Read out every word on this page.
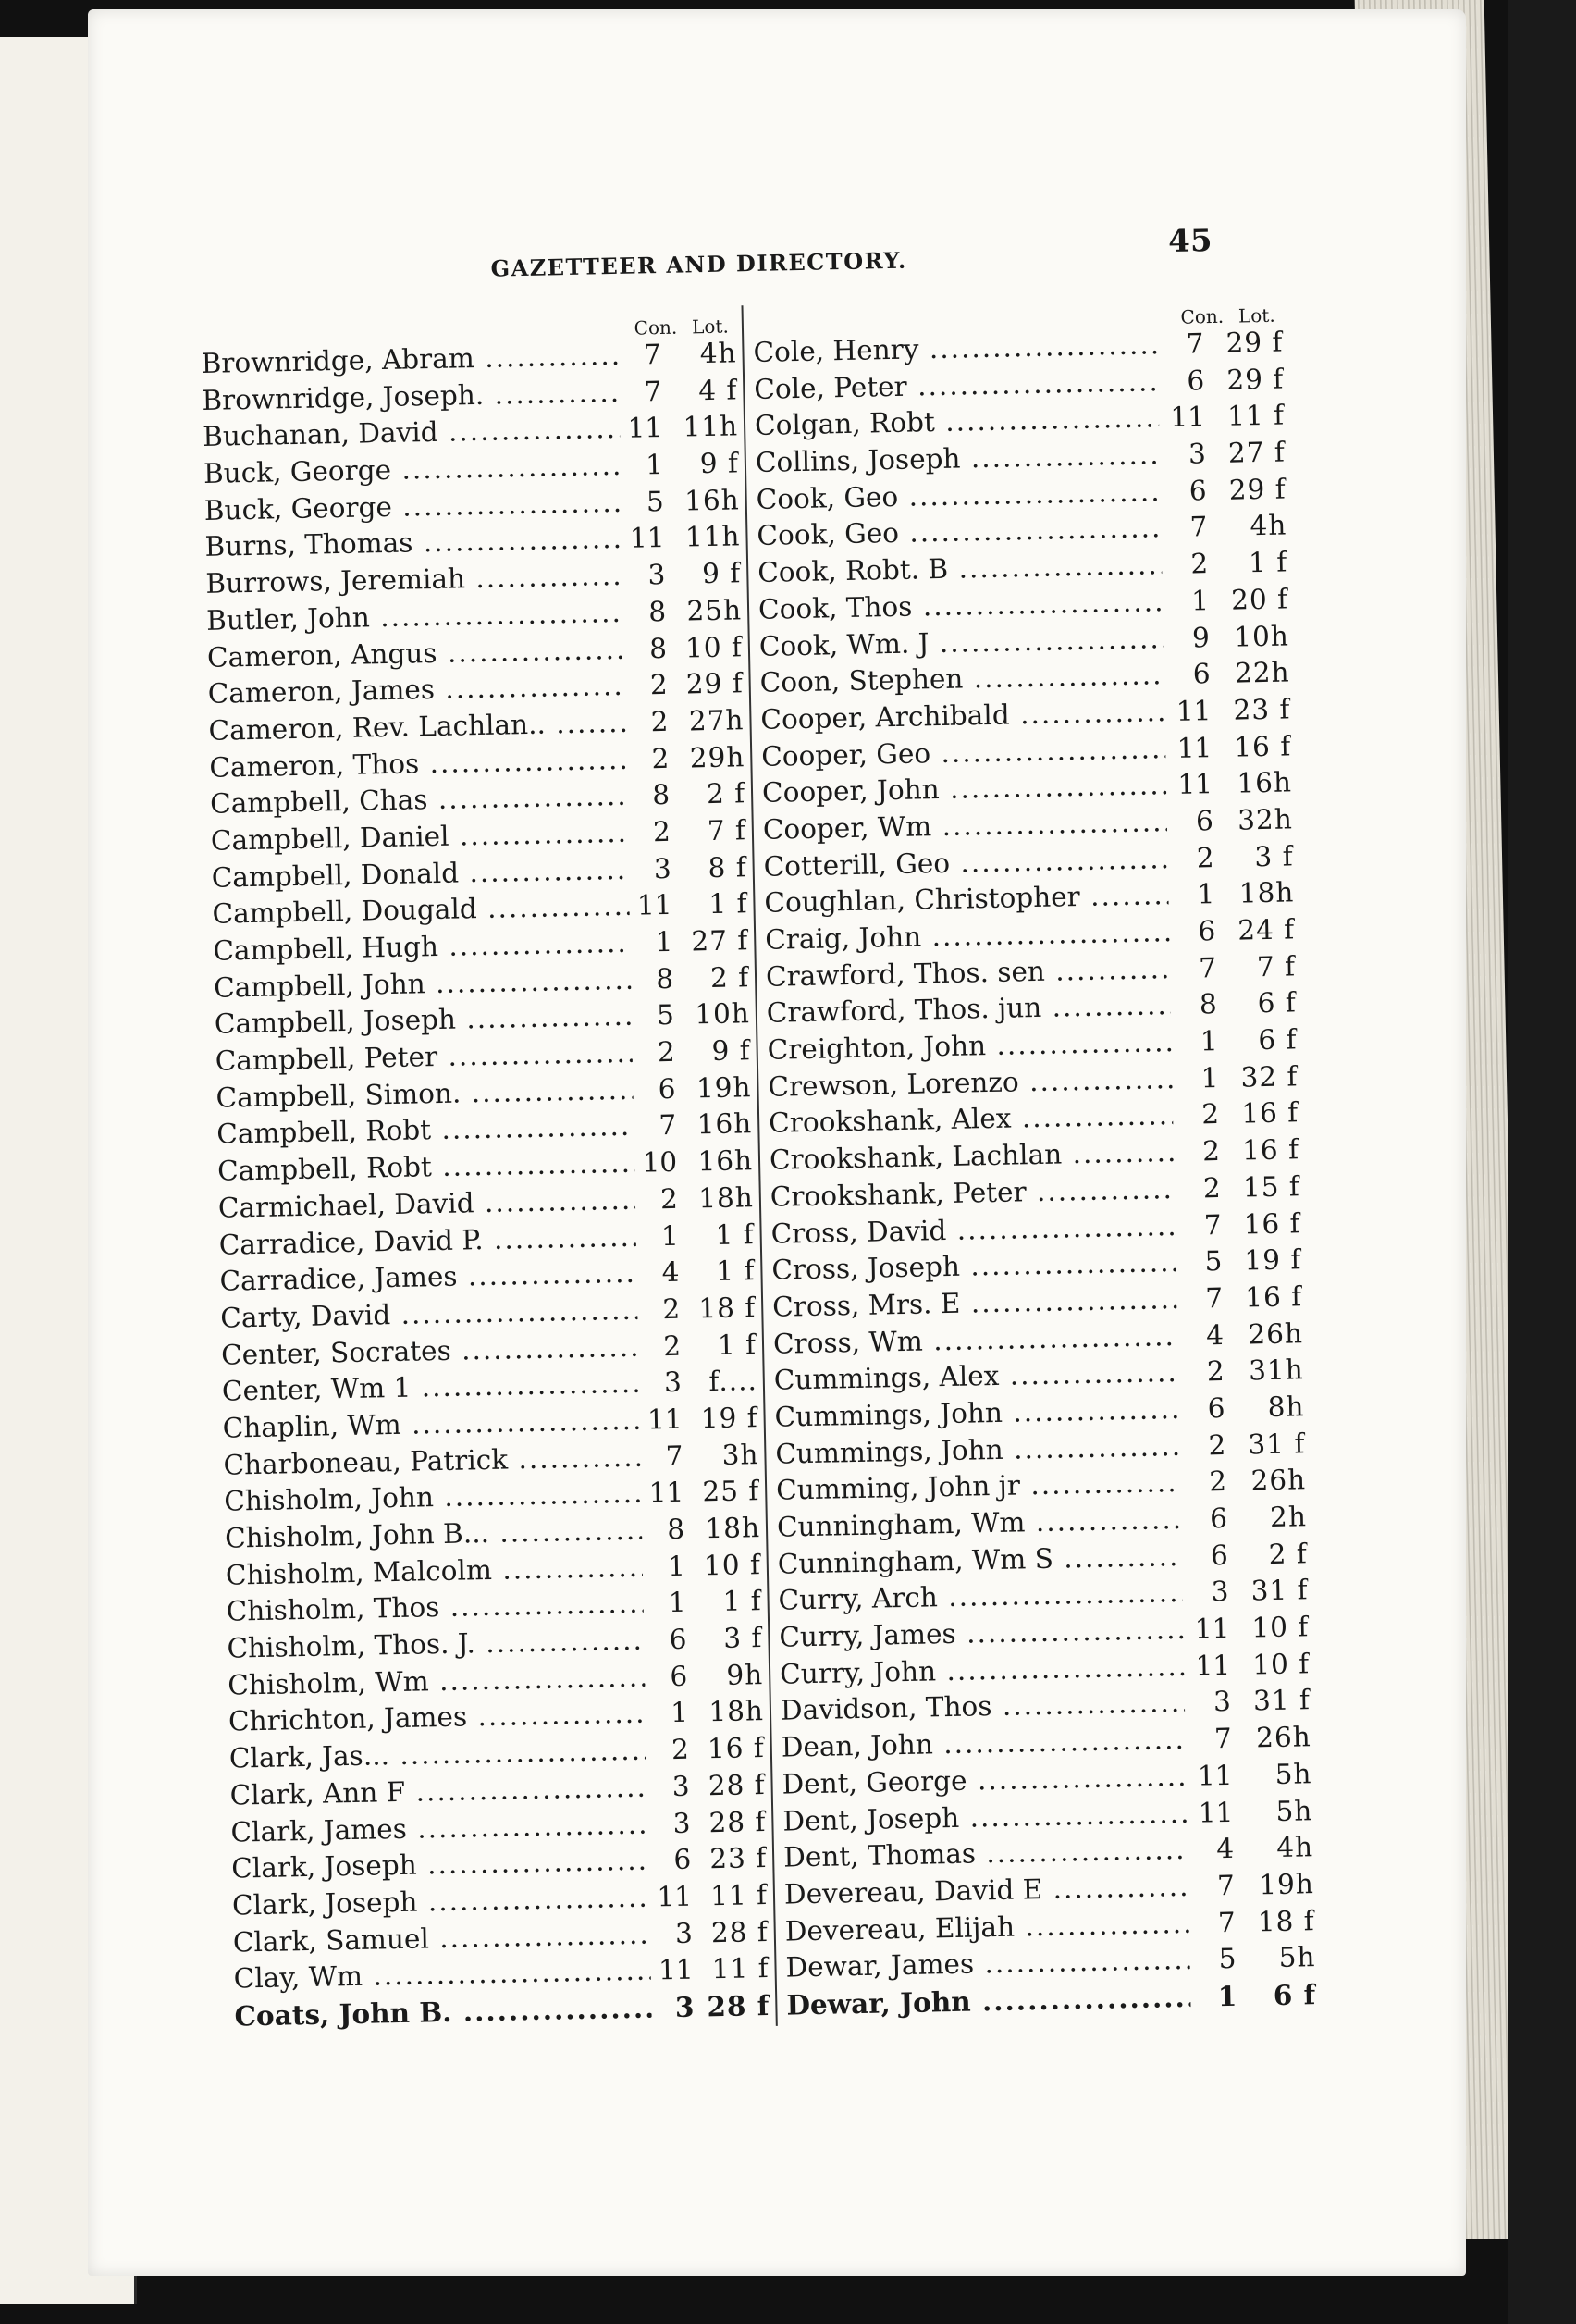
GAZETTEER AND DIRECTORY.
45
Con. Lot.
Brownridge, Abram .....	7	4h
Brownridge, Joseph. .....	7	4 f
Buchanan, David .....	11 11h
Buck, George .....	1	9 f
Buck, George .....	5 16h
Burns, Thomas .....	11 11h
Burrows, Jeremiah .....	3	9 f
Butler, John .....	8 25h
Cameron, Angus .....	8 10 f
Cameron, James .....	2 29 f
Cameron, Rev. Lachlan.. .....	2 27h
Cameron, Thos .....	2 29h
Campbell, Chas .....	8	2 f
Campbell, Daniel .....	2	7 f
Campbell, Donald .....	3	8 f
Campbell, Dougald .....	11	1 f
Campbell, Hugh .....	1 27 f
Campbell, John .....	8	2 f
Campbell, Joseph .....	5 10h
Campbell, Peter .....	2	9 f
Campbell, Simon. .....	6 19h
Campbell, Robt .....	7 16h
Campbell, Robt .....	10 16h
Carmichael, David .....	2 18h
Carradice, David P. .....	1	1 f
Carradice, James .....	4	1 f
Carty, David .....	2 18 f
Center, Socrates .....	2	1 f
Center, Wm 1 .....	3 f....
Chaplin, Wm .....	11 19 f
Charboneau, Patrick .....	7	3h
Chisholm, John .....	11 25 f
Chisholm, John B... .....	8 18h
Chisholm, Malcolm .....	1 10 f
Chisholm, Thos .....	1	1 f
Chisholm, Thos. J. .....	6	3 f
Chisholm, Wm .....	6	9h
Chrichton, James .....	1 18h
Clark, Jas... .....	2 16 f
Clark, Ann F .....	3 28 f
Clark, James .....	3 28 f
Clark, Joseph .....	6 23 f
Clark, Joseph .....	11 11 f
Clark, Samuel .....	3 28 f
Clay, Wm .....	11 11 f
Coats, John B. .....	3 28 f
Con. Lot.
Cole, Henry .....	7 29 f
Cole, Peter .....	6 29 f
Colgan, Robt .....	11 11 f
Collins, Joseph .....	3 27 f
Cook, Geo .....	6 29 f
Cook, Geo .....	7	4h
Cook, Robt. B .....	2	1 f
Cook, Thos .....	1 20 f
Cook, Wm. J .....	9 10h
Coon, Stephen .....	6 22h
Cooper, Archibald .....	11 23 f
Cooper, Geo .....	11 16 f
Cooper, John .....	11 16h
Cooper, Wm .....	6 32h
Cotterill, Geo .....	2	3 f
Coughlan, Christopher .....	1 18h
Craig, John .....	6 24 f
Crawford, Thos. sen .....	7	7 f
Crawford, Thos. jun .....	8	6 f
Creighton, John .....	1	6 f
Crewson, Lorenzo .....	1 32 f
Crookshank, Alex .....	2 16 f
Crookshank, Lachlan .....	2 16 f
Crookshank, Peter .....	2 15 f
Cross, David .....	7 16 f
Cross, Joseph .....	5 19 f
Cross, Mrs. E .....	7 16 f
Cross, Wm .....	4 26h
Cummings, Alex .....	2 31h
Cummings, John .....	6	8h
Cummings, John .....	2 31 f
Cumming, John jr .....	2 26h
Cunningham, Wm .....	6	2h
Cunningham, Wm S .....	6	2 f
Curry, Arch .....	3 31 f
Curry, James .....	11 10 f
Curry, John .....	11 10 f
Davidson, Thos .....	3 31 f
Dean, John .....	7 26h
Dent, George .....	11	5h
Dent, Joseph .....	11	5h
Dent, Thomas .....	4	4h
Devereau, David E .....	7 19h
Devereau, Elijah .....	7 18 f
Dewar, James .....	5	5h
Dewar, John .....	1	6 f
